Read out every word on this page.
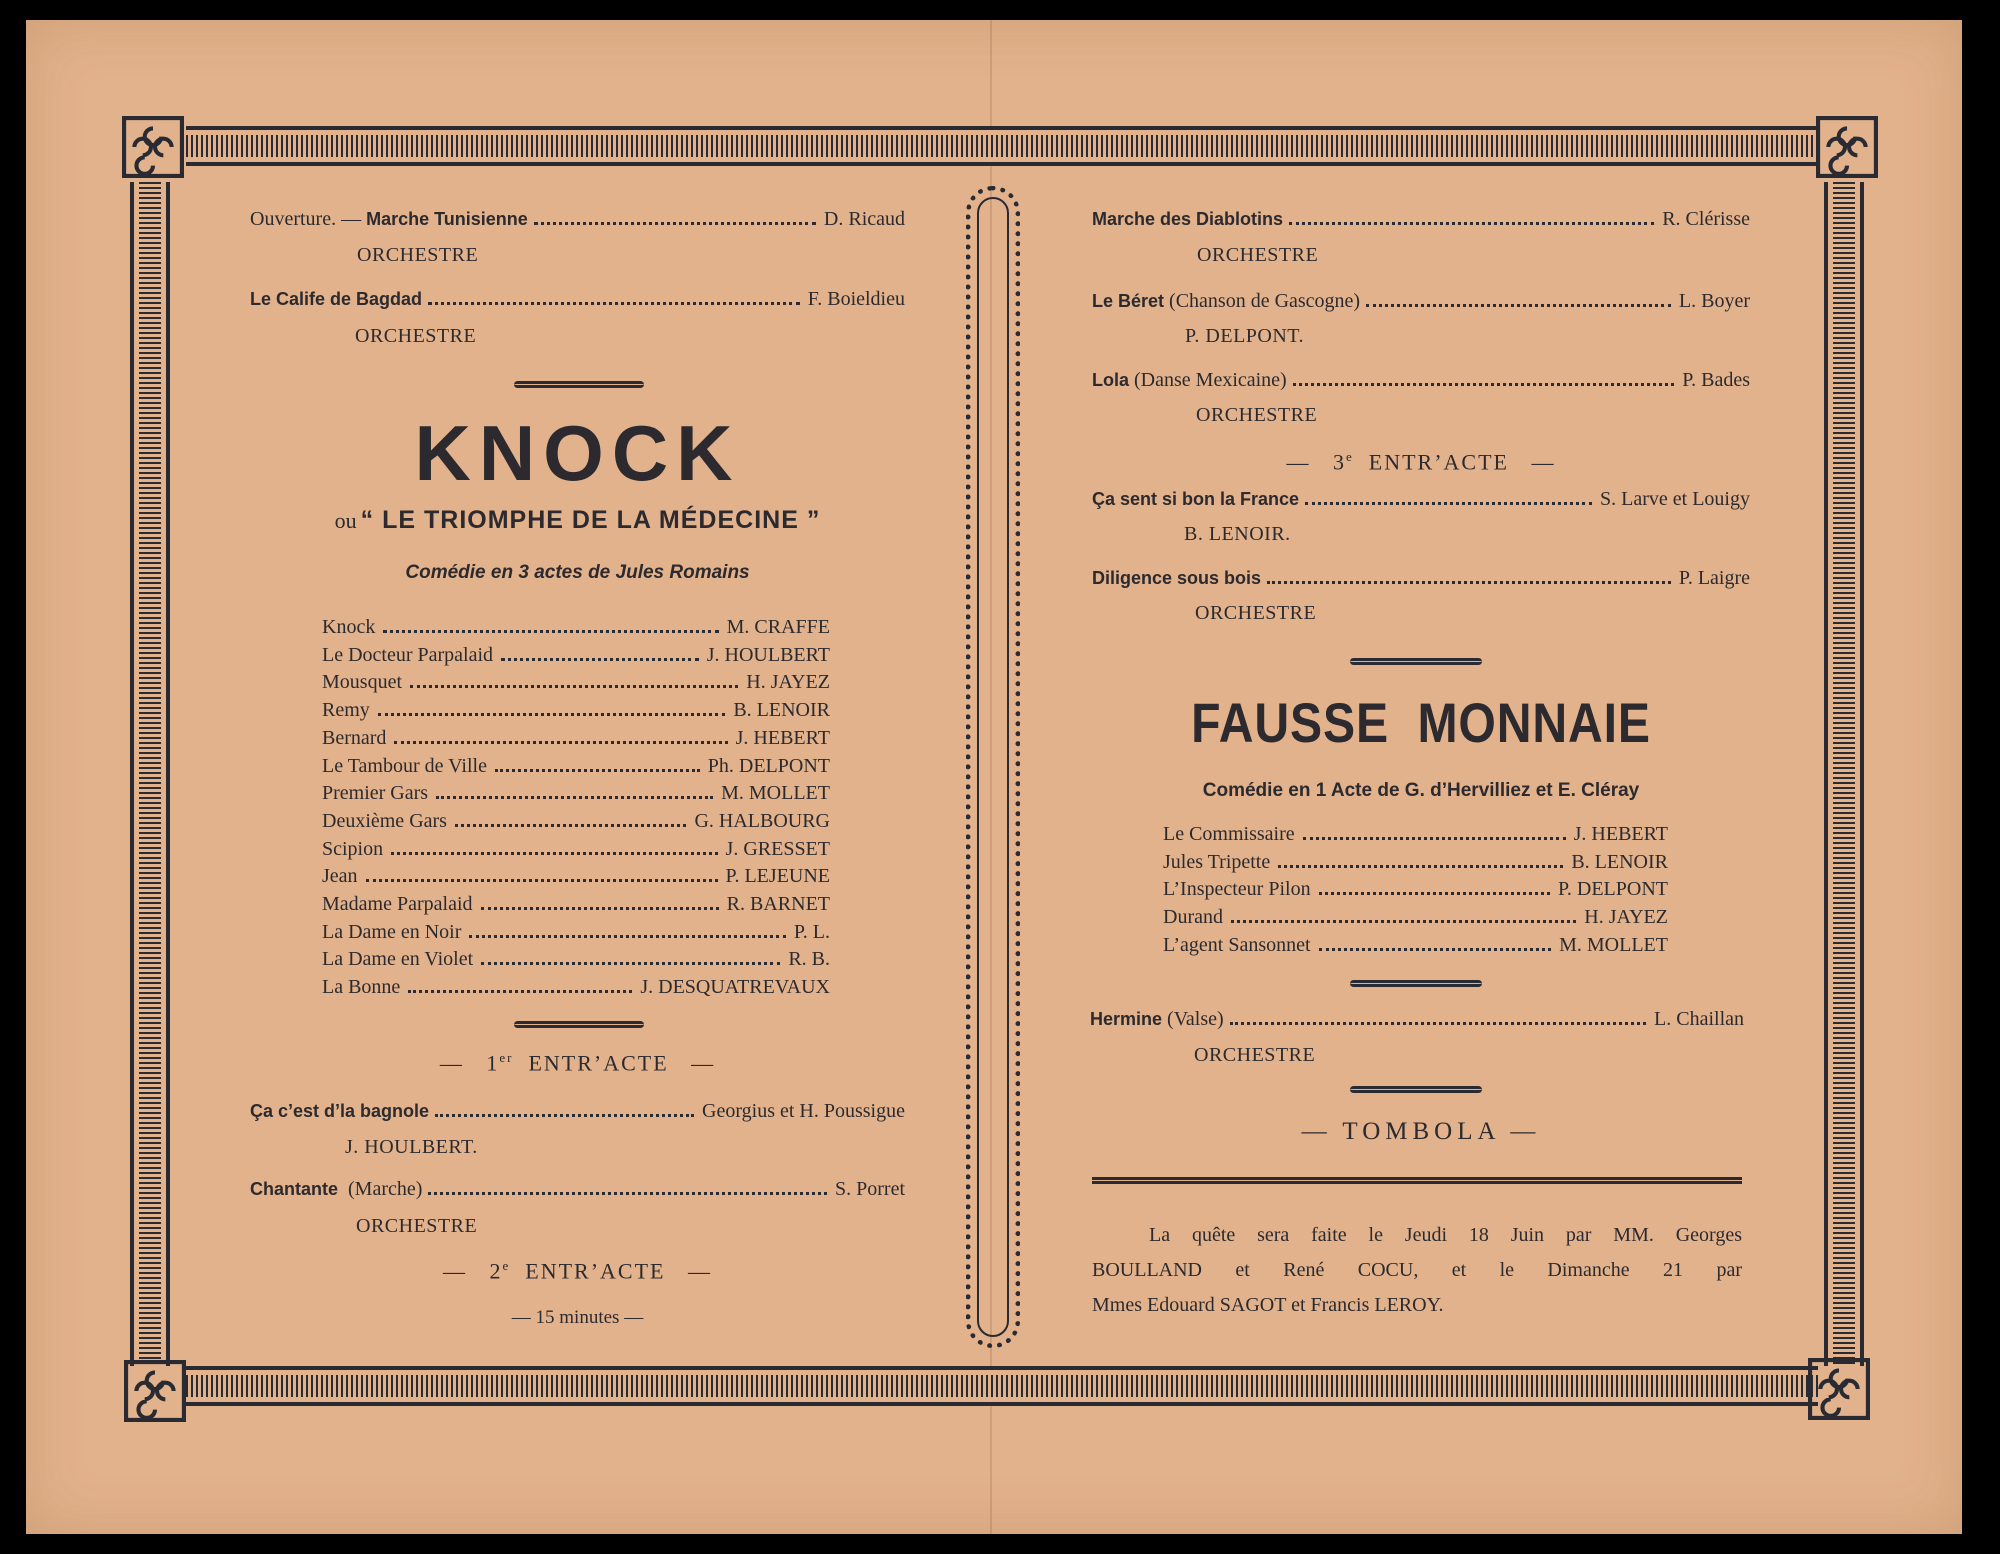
Ouverture. —
Marche Tunisienne	D. Ricaud
ORCHESTRE
Le Calife de Bagdad	F. Boieldieu
ORCHESTRE
KNOCK
ou “ LE TRIOMPHE DE LA MÉDECINE ”
Comédie en 3 actes de Jules Romains
Knock	M. CRAFFE
Le Docteur Parpalaid	J. HOULBERT
Mousquet	H. JAYEZ
Remy	B. LENOIR
Bernard	J. HEBERT
Le Tambour de Ville	Ph. DELPONT
Premier Gars	M. MOLLET
Deuxième Gars	G. HALBOURG
Scipion	J. GRESSET
Jean	P. LEJEUNE
Madame Parpalaid	R. BARNET
La Dame en Noir	P. L.
La Dame en Violet	R. B.
La Bonne	J. DESQUATREVAUX
— 1er ENTR’ACTE —
Ça c’est d’la bagnole	Georgius et H. Poussigue
J. HOULBERT.
Chantante
(Marche)	S. Porret
ORCHESTRE
— 2e ENTR’ACTE —
— 15 minutes —
Marche des Diablotins	R. Clérisse
ORCHESTRE
Le Béret
(Chanson de Gascogne)	L. Boyer
P. DELPONT.
Lola
(Danse Mexicaine)	P. Bades
ORCHESTRE
— 3e ENTR’ACTE —
Ça sent si bon la France	S. Larve et Louigy
B. LENOIR.
Diligence sous bois	P. Laigre
ORCHESTRE
FAUSSE  MONNAIE
Comédie en 1 Acte de G. d’Hervilliez et E. Cléray
Le Commissaire	J. HEBERT
Jules Tripette	B. LENOIR
L’Inspecteur Pilon	P. DELPONT
Durand	H. JAYEZ
L’agent Sansonnet	M. MOLLET
Hermine
(Valse)	L. Chaillan
ORCHESTRE
— TOMBOLA —
La quête sera faite le Jeudi 18 Juin par MM. Georges
BOULLAND et René COCU, et le Dimanche 21 par
Mmes Edouard SAGOT et Francis LEROY.
